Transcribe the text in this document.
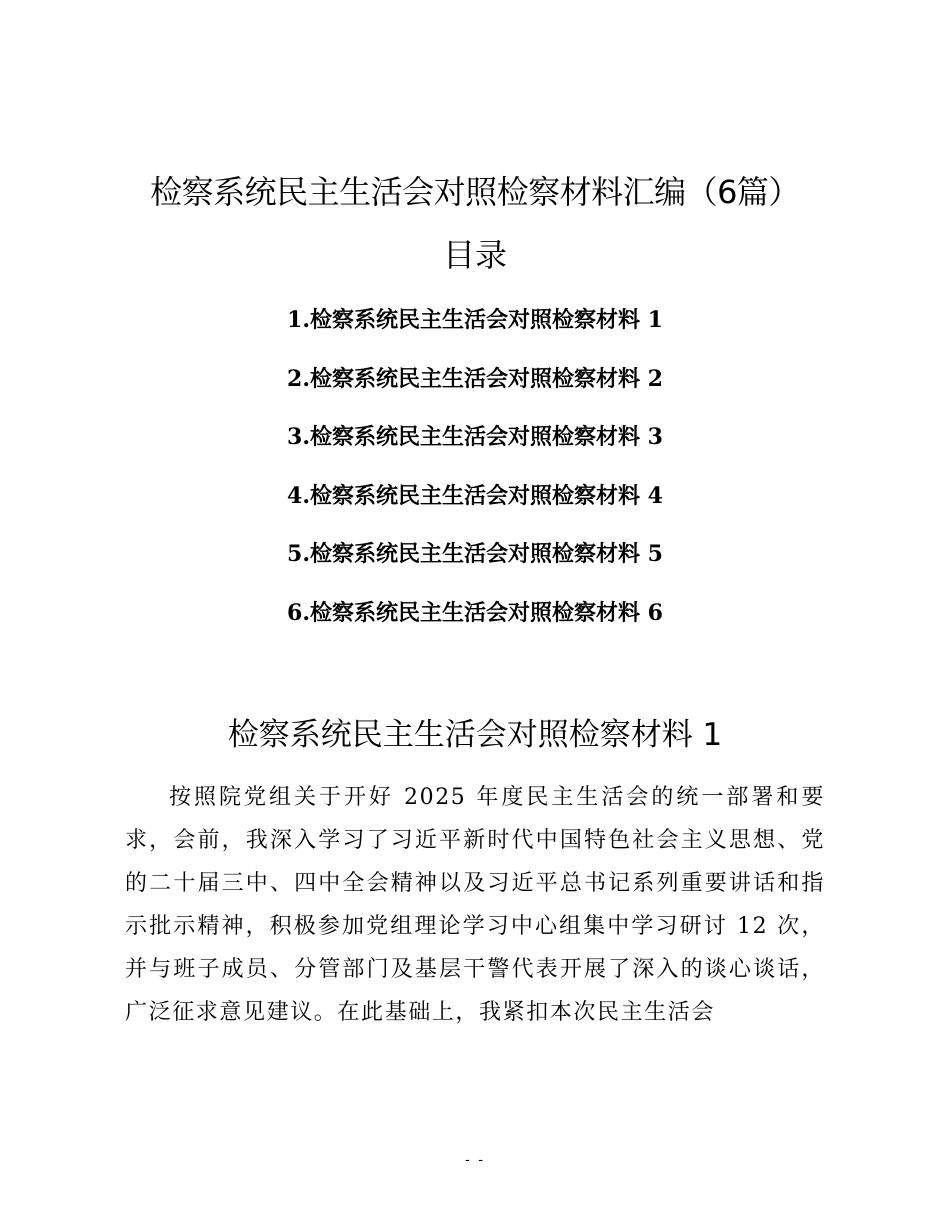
检察系统民主生活会对照检察材料汇编（6篇）
目录
1.检察系统民主生活会对照检察材料 1
2.检察系统民主生活会对照检察材料 2
3.检察系统民主生活会对照检察材料 3
4.检察系统民主生活会对照检察材料 4
5.检察系统民主生活会对照检察材料 5
6.检察系统民主生活会对照检察材料 6
检察系统民主生活会对照检察材料 1

按照院党组关于开好 2025 年度民主生活会的统一部署和要求，会前，我深入学习了习近平新时代中国特色社会主义思想、党的二十届三中、四中全会精神以及习近平总书记系列重要讲话和指示批示精神，积极参加党组理论学习中心组集中学习研讨 12 次，并与班子成员、分管部门及基层干警代表开展了深入的谈心谈话，广泛征求意见建议。在此基础上，我紧扣本次民主生活会

- -
